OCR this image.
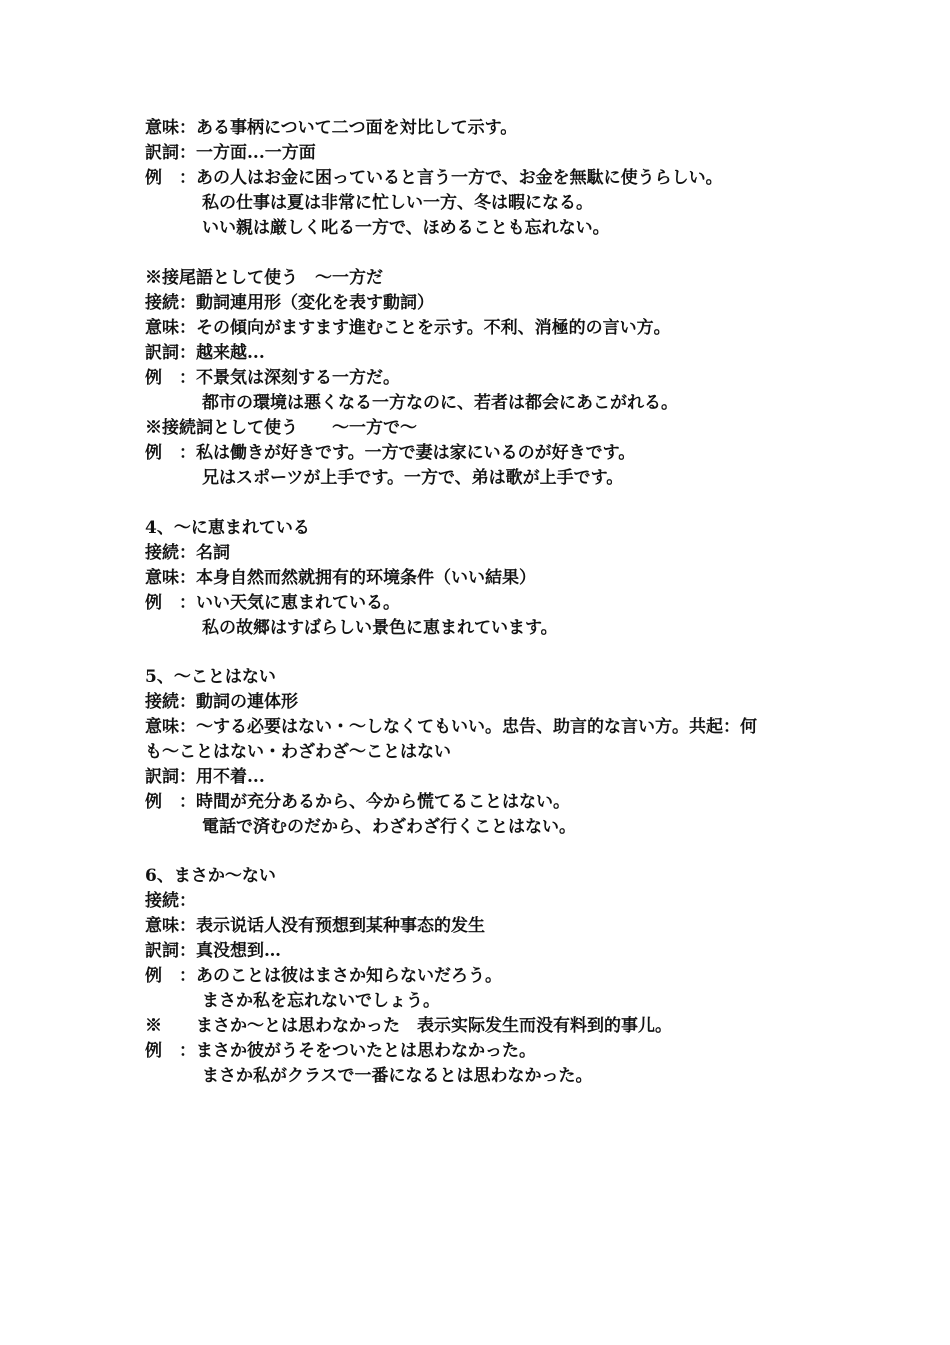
意味：ある事柄について二つ面を対比して示す。
訳詞：一方面...一方面
例　：あの人はお金に困っていると言う一方で、お金を無駄に使うらしい。
私の仕事は夏は非常に忙しい一方、冬は暇になる。
いい親は厳しく叱る一方で、ほめることも忘れない。
※接尾語として使う　～一方だ
接続：動詞連用形（変化を表す動詞）
意味：その傾向がますます進むことを示す。不利、消極的の言い方。
訳詞：越来越...
例　：不景気は深刻する一方だ。
都市の環境は悪くなる一方なのに、若者は都会にあこがれる。
※接続詞として使う　　～一方で～
例　：私は働きが好きです。一方で妻は家にいるのが好きです。
兄はスポーツが上手です。一方で、弟は歌が上手です。
4、～に恵まれている
接続：名詞
意味：本身自然而然就拥有的环境条件（いい結果）
例　：いい天気に恵まれている。
私の故郷はすばらしい景色に恵まれています。
5、～ことはない
接続：動詞の連体形
意味：～する必要はない・～しなくてもいい。忠告、助言的な言い方。共起：何
も～ことはない・わざわざ～ことはない
訳詞：用不着...
例　：時間が充分あるから、今から慌てることはない。
電話で済むのだから、わざわざ行くことはない。
6、まさか～ない
接続：
意味：表示说话人没有预想到某种事态的发生
訳詞：真没想到…
例　：あのことは彼はまさか知らないだろう。
まさか私を忘れないでしょう。
※　　まさか～とは思わなかった　表示实际发生而没有料到的事儿。
例　：まさか彼がうそをついたとは思わなかった。
まさか私がクラスで一番になるとは思わなかった。
